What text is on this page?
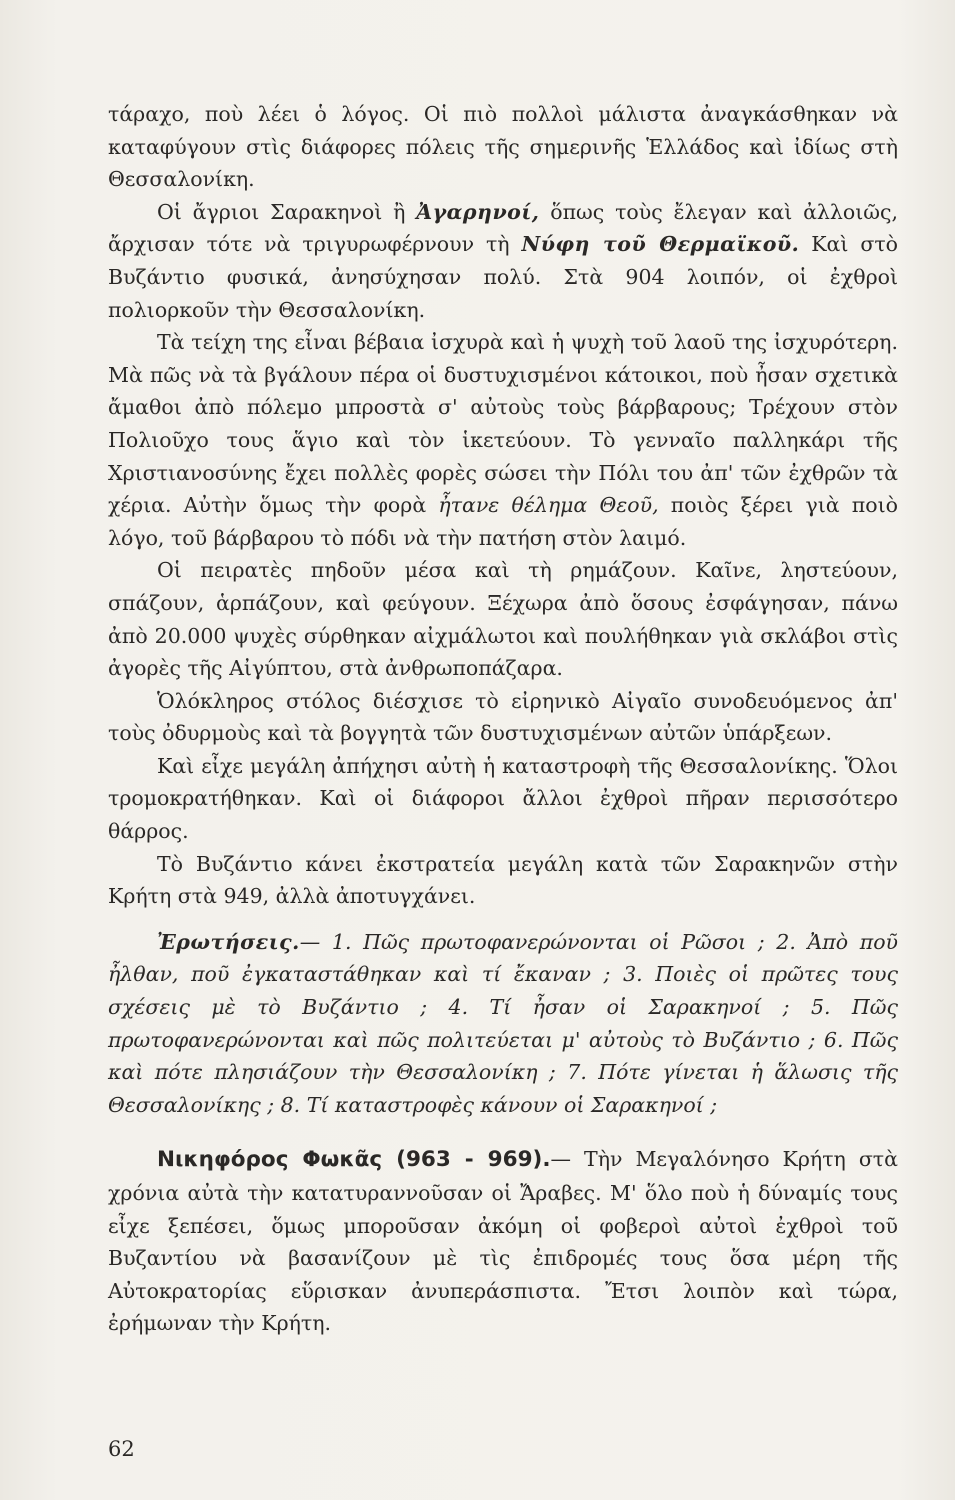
τάραχο, ποὺ λέει ὁ λόγος. Οἱ πιὸ πολλοὶ μάλιστα ἀναγκάσθηκαν νὰ καταφύγουν στὶς διάφορες πόλεις τῆς σημερινῆς Ἑλλάδος καὶ ἰδίως στὴ Θεσσαλονίκη.

Οἱ ἄγριοι Σαρακηνοὶ ἢ Ἀγαρηνοί, ὅπως τοὺς ἔλεγαν καὶ ἀλλοιῶς, ἄρχισαν τότε νὰ τριγυρωφέρνουν τὴ Νύφη τοῦ Θερμαϊκοῦ. Καὶ στὸ Βυζάντιο φυσικά, ἀνησύχησαν πολύ. Στὰ 904 λοιπόν, οἱ ἐχθροὶ πολιορκοῦν τὴν Θεσσαλονίκη.

Τὰ τείχη της εἶναι βέβαια ἰσχυρὰ καὶ ἡ ψυχὴ τοῦ λαοῦ της ἰσχυρότερη. Μὰ πῶς νὰ τὰ βγάλουν πέρα οἱ δυστυχισμένοι κάτοικοι, ποὺ ἦσαν σχετικὰ ἄμαθοι ἀπὸ πόλεμο μπροστὰ σ' αὐτοὺς τοὺς βάρβαρους; Τρέχουν στὸν Πολιοῦχο τους ἅγιο καὶ τὸν ἱκετεύουν. Τὸ γενναῖο παλληκάρι τῆς Χριστιανοσύνης ἔχει πολλὲς φορὲς σώσει τὴν Πόλι του ἀπ' τῶν ἐχθρῶν τὰ χέρια. Αὐτὴν ὅμως τὴν φορὰ ἦτανε θέλημα Θεοῦ, ποιὸς ξέρει γιὰ ποιὸ λόγο, τοῦ βάρβαρου τὸ πόδι νὰ τὴν πατήση στὸν λαιμό.

Οἱ πειρατὲς πηδοῦν μέσα καὶ τὴ ρημάζουν. Καῖνε, ληστεύουν, σπάζουν, ἁρπάζουν, καὶ φεύγουν. Ξέχωρα ἀπὸ ὅσους ἐσφάγησαν, πάνω ἀπὸ 20.000 ψυχὲς σύρθηκαν αἰχμάλωτοι καὶ πουλήθηκαν γιὰ σκλάβοι στὶς ἀγορὲς τῆς Αἰγύπτου, στὰ ἀνθρωποπάζαρα.

Ὁλόκληρος στόλος διέσχισε τὸ εἰρηνικὸ Αἰγαῖο συνοδευόμενος ἀπ' τοὺς ὀδυρμοὺς καὶ τὰ βογγητὰ τῶν δυστυχισμένων αὐτῶν ὑπάρξεων.

Καὶ εἶχε μεγάλη ἀπήχησι αὐτὴ ἡ καταστροφὴ τῆς Θεσσαλονίκης. Ὅλοι τρομοκρατήθηκαν. Καὶ οἱ διάφοροι ἄλλοι ἐχθροὶ πῆραν περισσότερο θάρρος.

Τὸ Βυζάντιο κάνει ἐκστρατεία μεγάλη κατὰ τῶν Σαρακηνῶν στὴν Κρήτη στὰ 949, ἀλλὰ ἀποτυγχάνει.

Ἐρωτήσεις.— 1. Πῶς πρωτοφανερώνονται οἱ Ρῶσοι ; 2. Ἀπὸ ποῦ ἦλθαν, ποῦ ἐγκαταστάθηκαν καὶ τί ἔκαναν ; 3. Ποιὲς οἱ πρῶτες τους σχέσεις μὲ τὸ Βυζάντιο ; 4. Τί ἦσαν οἱ Σαρακηνοί ; 5. Πῶς πρωτοφανερώνονται καὶ πῶς πολιτεύεται μ' αὐτοὺς τὸ Βυζάντιο ; 6. Πῶς καὶ πότε πλησιάζουν τὴν Θεσσαλονίκη ; 7. Πότε γίνεται ἡ ἅλωσις τῆς Θεσσαλονίκης ; 8. Τί καταστροφὲς κάνουν οἱ Σαρακηνοί ;

Νικηφόρος Φωκᾶς (963 - 969).— Τὴν Μεγαλόνησο Κρήτη στὰ χρόνια αὐτὰ τὴν κατατυραννοῦσαν οἱ Ἄραβες. Μ' ὅλο ποὺ ἡ δύναμίς τους εἶχε ξεπέσει, ὅμως μποροῦσαν ἀκόμη οἱ φοβεροὶ αὐτοὶ ἐχθροὶ τοῦ Βυζαντίου νὰ βασανίζουν μὲ τὶς ἐπιδρομές τους ὅσα μέρη τῆς Αὐτοκρατορίας εὕρισκαν ἀνυπεράσπιστα. Ἔτσι λοιπὸν καὶ τώρα, ἐρήμωναν τὴν Κρήτη.

62
